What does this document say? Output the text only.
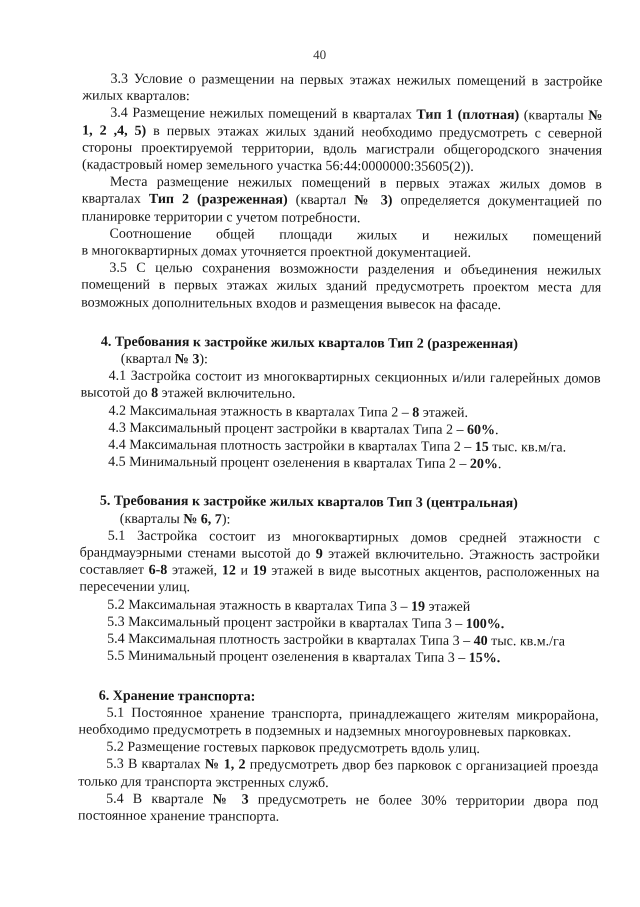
40

3.3 Условие о размещении на первых этажах нежилых помещений в застройке жилых кварталов:

3.4 Размещение нежилых помещений в кварталах Тип 1 (плотная) (кварталы № 1, 2 ,4, 5) в первых этажах жилых зданий необходимо предусмотреть с северной стороны проектируемой территории, вдоль магистрали общегородского значения (кадастровый номер земельного участка 56:44:0000000:35605(2)).

Места размещение нежилых помещений в первых этажах жилых домов в кварталах Тип 2 (разреженная) (квартал № 3) определяется документацией по планировке территории с учетом потребности.

Соотношение общей площади жилых и нежилых помещений

в многоквартирных домах уточняется проектной документацией.

3.5 С целью сохранения возможности разделения и объединения нежилых помещений в первых этажах жилых зданий предусмотреть проектом места для возможных дополнительных входов и размещения вывесок на фасаде.

4. Требования к застройке жилых кварталов Тип 2 (разреженная)

(квартал № 3):

4.1 Застройка состоит из многоквартирных секционных и/или галерейных домов высотой до 8 этажей включительно.

4.2 Максимальная этажность в кварталах Типа 2 – 8 этажей.

4.3 Максимальный процент застройки в кварталах Типа 2 – 60%.

4.4 Максимальная плотность застройки в кварталах Типа 2 – 15 тыс. кв.м/га.

4.5 Минимальный процент озеленения в кварталах Типа 2 – 20%.

5. Требования к застройке жилых кварталов Тип 3 (центральная)

(кварталы № 6, 7):

5.1 Застройка состоит из многоквартирных домов средней этажности с брандмауэрными стенами высотой до 9 этажей включительно. Этажность застройки составляет 6-8 этажей, 12 и 19 этажей в виде высотных акцентов, расположенных на пересечении улиц.

5.2 Максимальная этажность в кварталах Типа 3 – 19 этажей

5.3 Максимальный процент застройки в кварталах Типа 3 – 100%.

5.4 Максимальная плотность застройки в кварталах Типа 3 – 40 тыс. кв.м./га

5.5 Минимальный процент озеленения в кварталах Типа 3 – 15%.

6. Хранение транспорта:

5.1 Постоянное хранение транспорта, принадлежащего жителям микрорайона, необходимо предусмотреть в подземных и надземных многоуровневых парковках.

5.2 Размещение гостевых парковок предусмотреть вдоль улиц.

5.3 В кварталах № 1, 2 предусмотреть двор без парковок с организацией проезда только для транспорта экстренных служб.

5.4 В квартале № 3 предусмотреть не более 30% территории двора под постоянное хранение транспорта.
